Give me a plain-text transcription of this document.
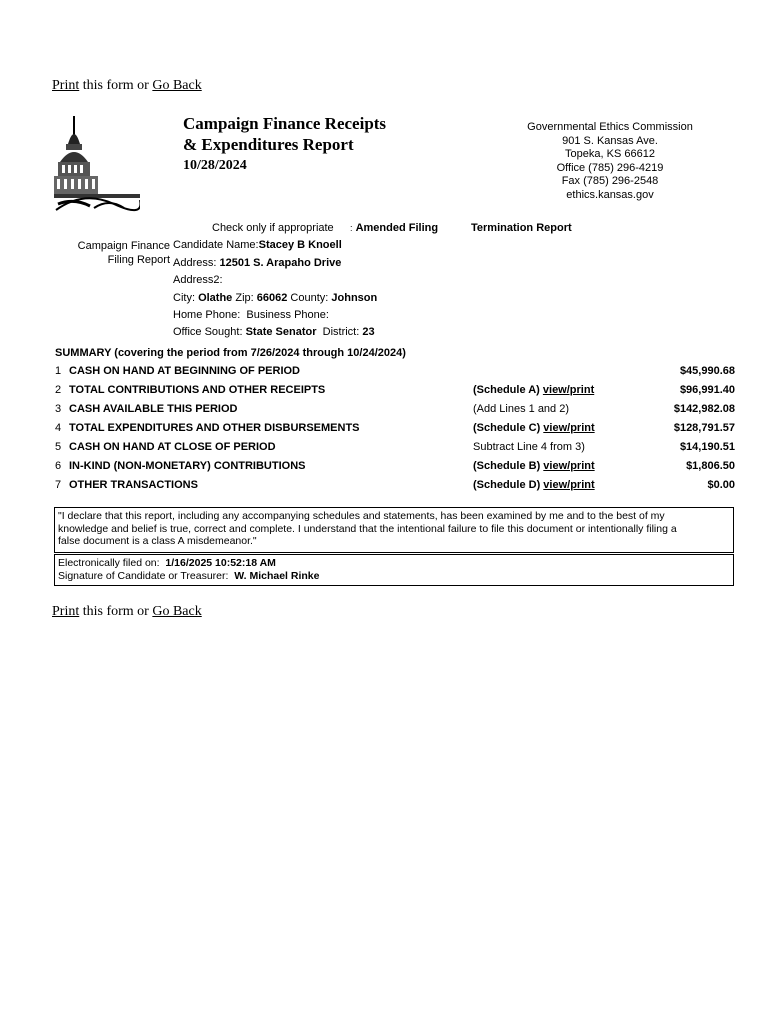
Print this form or Go Back
Campaign Finance Receipts
& Expenditures Report
10/28/2024
Governmental Ethics Commission
901 S. Kansas Ave.
Topeka, KS 66612
Office (785) 296-4219
Fax (785) 296-2548
ethics.kansas.gov
Check only if appropriate : Amended Filing	Termination Report
Campaign Finance
Filing Report
Candidate Name:Stacey B Knoell
Address: 12501 S. Arapaho Drive
Address2:
City: Olathe Zip: 66062 County: Johnson
Home Phone: Business Phone:
Office Sought: State Senator District: 23
SUMMARY (covering the period from 7/26/2024 through 10/24/2024)
1 CASH ON HAND AT BEGINNING OF PERIOD	$45,990.68
2 TOTAL CONTRIBUTIONS AND OTHER RECEIPTS	(Schedule A) view/print	$96,991.40
3 CASH AVAILABLE THIS PERIOD	(Add Lines 1 and 2)	$142,982.08
4 TOTAL EXPENDITURES AND OTHER DISBURSEMENTS	(Schedule C) view/print	$128,791.57
5 CASH ON HAND AT CLOSE OF PERIOD	Subtract Line 4 from 3)	$14,190.51
6 IN-KIND (NON-MONETARY) CONTRIBUTIONS	(Schedule B) view/print	$1,806.50
7 OTHER TRANSACTIONS	(Schedule D) view/print	$0.00
"I declare that this report, including any accompanying schedules and statements, has been examined by me and to the best of my
knowledge and belief is true, correct and complete. I understand that the intentional failure to file this document or intentionally filing a
false document is a class A misdemeanor."
Electronically filed on: 1/16/2025 10:52:18 AM
Signature of Candidate or Treasurer: W. Michael Rinke
Print this form or Go Back
